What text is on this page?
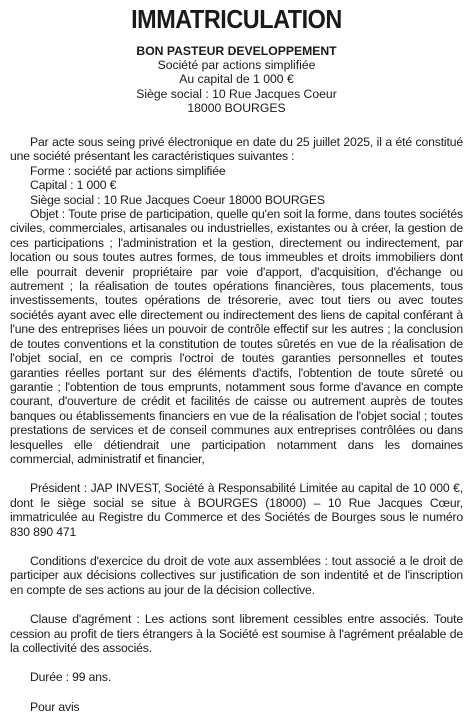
IMMATRICULATION
BON PASTEUR DEVELOPPEMENT
Société par actions simplifiée
Au capital de 1 000 €
Siège social : 10 Rue Jacques Coeur
18000 BOURGES

Par acte sous seing privé électronique en date du 25 juillet 2025, il a été constitué une société présentant les caractéristiques suivantes :

Forme : société par actions simplifiée

Capital : 1 000 €

Siège social : 10 Rue Jacques Coeur 18000 BOURGES

Objet : Toute prise de participation, quelle qu'en soit la forme, dans toutes sociétés civiles, commerciales, artisanales ou industrielles, existantes ou à créer, la gestion de ces participations ; l'administration et la gestion, directement ou indirectement, par location ou sous toutes autres formes, de tous immeubles et droits immobiliers dont elle pourrait devenir propriétaire par voie d'apport, d'acquisition, d'échange ou autrement ; la réalisation de toutes opérations financières, tous placements, tous investissements, toutes opérations de trésorerie, avec tout tiers ou avec toutes sociétés ayant avec elle directement ou indirectement des liens de capital conférant à l'une des entreprises liées un pouvoir de contrôle effectif sur les autres ; la conclusion de toutes conventions et la constitution de toutes sûretés en vue de la réalisation de l'objet social, en ce compris l'octroi de toutes garanties personnelles et toutes garanties réelles portant sur des éléments d'actifs, l'obtention de toute sûreté ou garantie ; l'obtention de tous emprunts, notamment sous forme d'avance en compte courant, d'ouverture de crédit et facilités de caisse ou autrement auprès de toutes banques ou établissements financiers en vue de la réalisation de l'objet social ; toutes prestations de services et de conseil communes aux entreprises contrôlées ou dans lesquelles elle détiendrait une participation notamment dans les domaines commercial, administratif et financier,

Président : JAP INVEST, Société à Responsabilité Limitée au capital de 10 000 €, dont le siège social se situe à BOURGES (18000) – 10 Rue Jacques Cœur, immatriculée au Registre du Commerce et des Sociétés de Bourges sous le numéro 830 890 471

Conditions d'exercice du droit de vote aux assemblées : tout associé a le droit de participer aux décisions collectives sur justification de son indentité et de l'inscription en compte de ses actions au jour de la décision collective.

Clause d'agrément : Les actions sont librement cessibles entre associés. Toute cession au profit de tiers étrangers à la Société est soumise à l'agrément préalable de la collectivité des associés.

Durée : 99 ans.

Pour avis
